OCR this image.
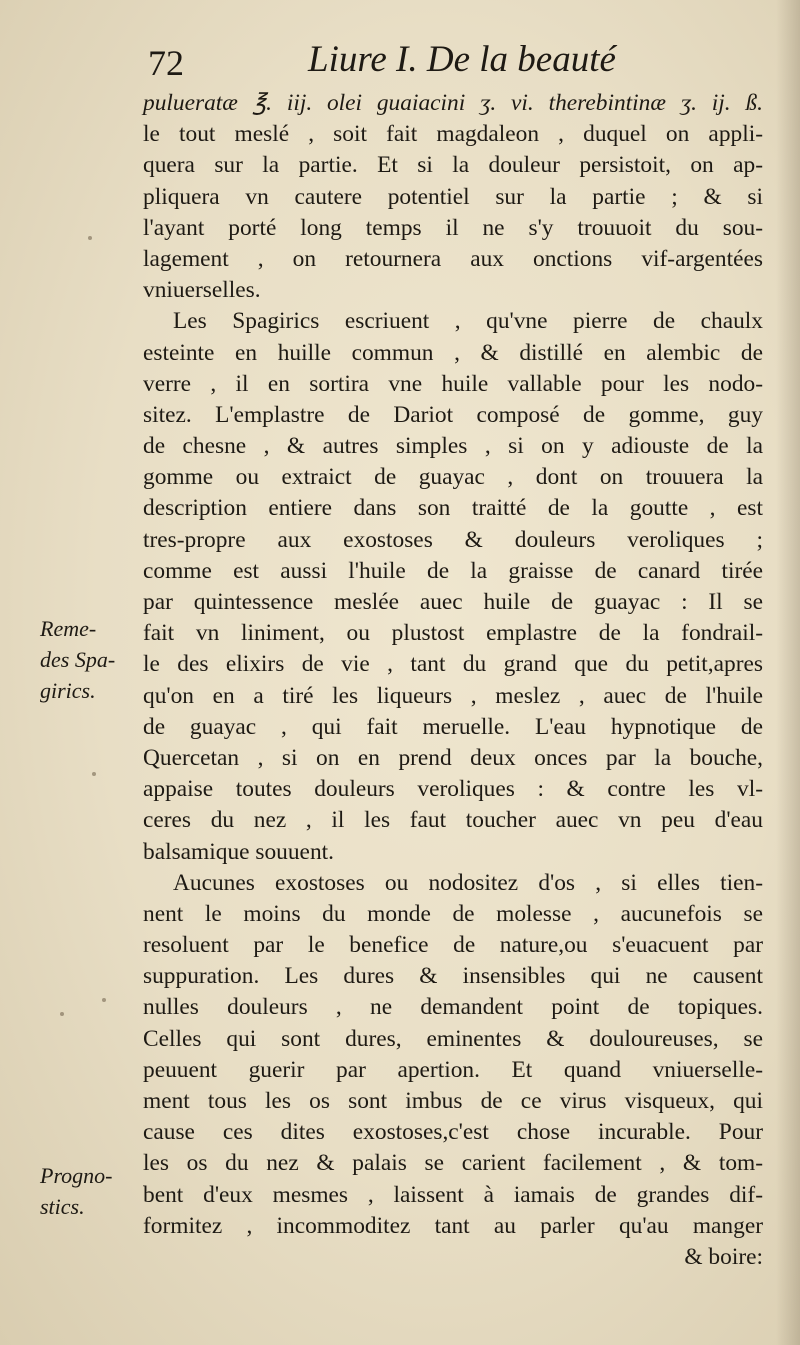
72	Liure I. De la beauté
pulueratæ ℥. iij. olei guaiacini ʒ. vi. therebintinæ ʒ. ij. ß.
le tout meslé , soit fait magdaleon , duquel on appli-
quera sur la partie. Et si la douleur persistoit, on ap-
pliquera vn cautere potentiel sur la partie ; & si
l'ayant porté long temps il ne s'y trouuoit du sou-
lagement , on retournera aux onctions vif-argentées
vniuerselles.
Les Spagirics escriuent , qu'vne pierre de chaulx
esteinte en huille commun , & distillé en alembic de
verre , il en sortira vne huile vallable pour les nodo-
sitez. L'emplastre de Dariot composé de gomme, guy
de chesne , & autres simples , si on y adiouste de la
gomme ou extraict de guayac , dont on trouuera la
description entiere dans son traitté de la goutte , est
tres-propre aux exostoses & douleurs veroliques ;
comme est aussi l'huile de la graisse de canard tirée
par quintessence meslée auec huile de guayac : Il se
fait vn liniment, ou plustost emplastre de la fondrail-
le des elixirs de vie , tant du grand que du petit,apres
qu'on en a tiré les liqueurs , meslez , auec de l'huile
de guayac , qui fait meruelle. L'eau hypnotique de
Quercetan , si on en prend deux onces par la bouche,
appaise toutes douleurs veroliques : & contre les vl-
ceres du nez , il les faut toucher auec vn peu d'eau
balsamique souuent.
Aucunes exostoses ou nodositez d'os , si elles tien-
nent le moins du monde de molesse , aucunefois se
resoluent par le benefice de nature,ou s'euacuent par
suppuration. Les dures & insensibles qui ne causent
nulles douleurs , ne demandent point de topiques.
Celles qui sont dures, eminentes & douloureuses, se
peuuent guerir par apertion. Et quand vniuerselle-
ment tous les os sont imbus de ce virus visqueux, qui
cause ces dites exostoses,c'est chose incurable. Pour
les os du nez & palais se carient facilement , & tom-
bent d'eux mesmes , laissent à iamais de grandes dif-
formitez , incommoditez tant au parler qu'au manger
& boire:
Reme-
des Spa-
girics.
Progno-
stics.
